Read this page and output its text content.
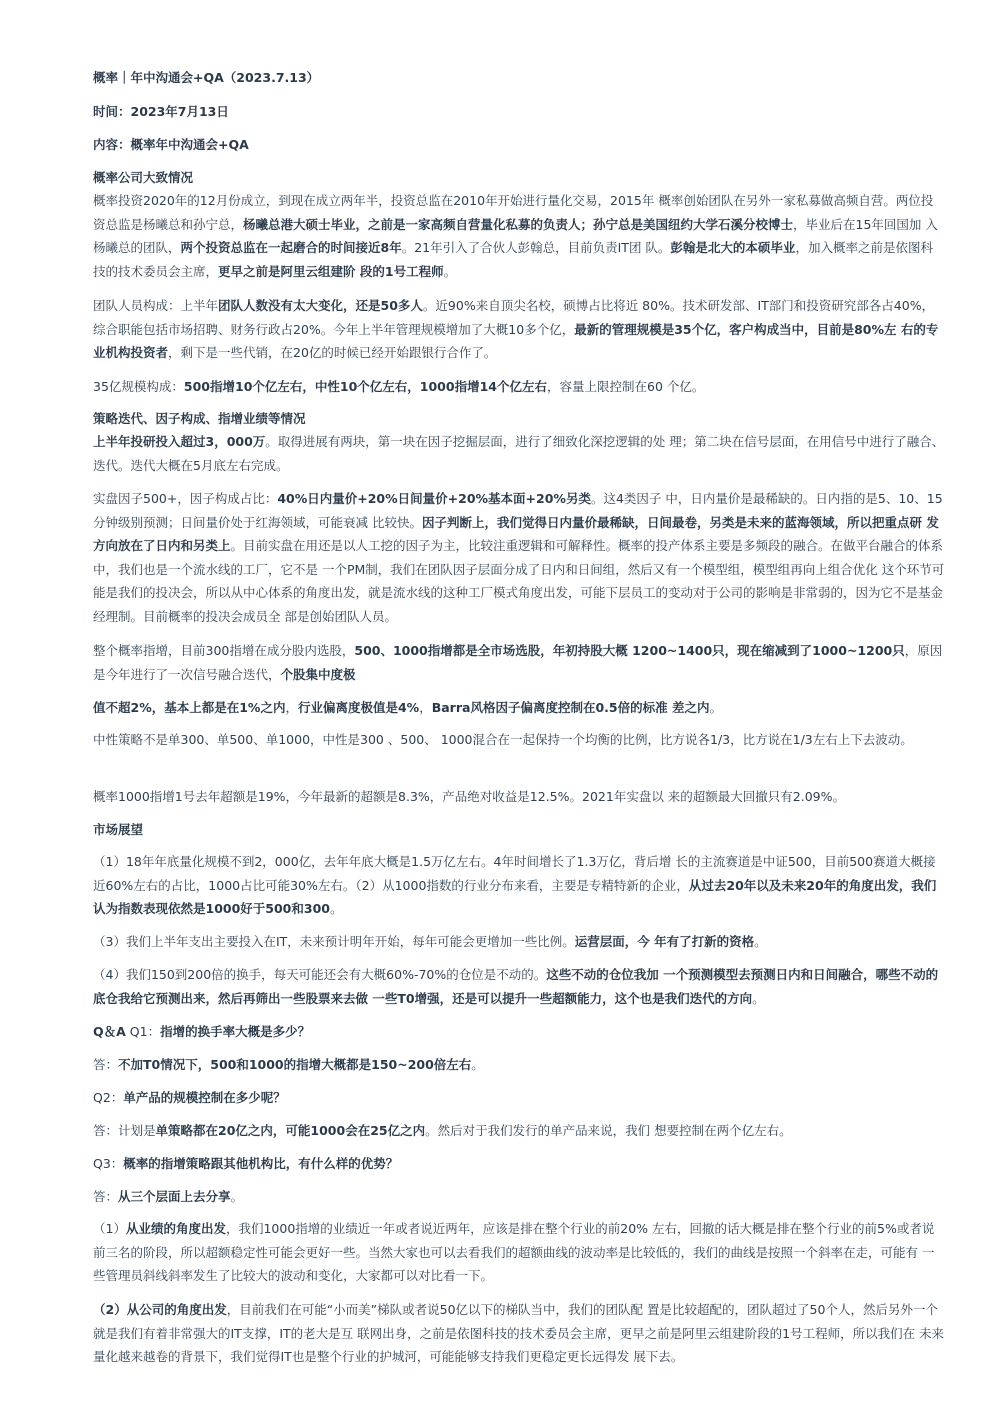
概率｜年中沟通会+QA（2023.7.13）

时间：2023年7月13日

内容：概率年中沟通会+QA

概率公司大致情况

概率投资2020年的12月份成立，到现在成立两年半，投资总监在2010年开始进行量化交易，2015年 概率创始团队在另外一家私募做高频自营。两位投资总监是杨曦总和孙宁总，杨曦总港大硕士毕业，之前是一家高频自营量化私募的负责人；孙宁总是美国纽约大学石溪分校博士，毕业后在15年回国加 入杨曦总的团队，两个投资总监在一起磨合的时间接近8年。21年引入了合伙人彭翰总，目前负责IT团 队。彭翰是北大的本硕毕业，加入概率之前是依图科技的技术委员会主席，更早之前是阿里云组建阶 段的1号工程师。

团队人员构成：上半年团队人数没有太大变化，还是50多人。近90%来自顶尖名校，硕博占比将近 80%。技术研发部、IT部门和投资研究部各占40%，综合职能包括市场招聘、财务行政占20%。今年上半年管理规模增加了大概10多个亿，最新的管理规模是35个亿，客户构成当中，目前是80%左 右的专业机构投资者，剩下是一些代销，在20亿的时候已经开始跟银行合作了。

35亿规模构成：500指增10个亿左右，中性10个亿左右，1000指增14个亿左右，容量上限控制在60 个亿。

策略迭代、因子构成、指增业绩等情况

上半年投研投入超过3，000万。取得进展有两块，第一块在因子挖掘层面，进行了细致化深挖逻辑的处 理；第二块在信号层面，在用信号中进行了融合、迭代。迭代大概在5月底左右完成。

实盘因子500+，因子构成占比：40%日内量价+20%日间量价+20%基本面+20%另类。这4类因子 中，日内量价是最稀缺的。日内指的是5、10、15分钟级别预测；日间量价处于红海领域，可能衰减 比较快。因子判断上，我们觉得日内量价最稀缺，日间最卷，另类是未来的蓝海领域，所以把重点研 发方向放在了日内和另类上。目前实盘在用还是以人工挖的因子为主，比较注重逻辑和可解释性。概率的投产体系主要是多频段的融合。在做平台融合的体系中，我们也是一个流水线的工厂，它不是 一个PM制，我们在团队因子层面分成了日内和日间组，然后又有一个模型组，模型组再向上组合优化 这个环节可能是我们的投决会，所以从中心体系的角度出发，就是流水线的这种工厂模式角度出发，可能下层员工的变动对于公司的影响是非常弱的，因为它不是基金经理制。目前概率的投决会成员全 部是创始团队人员。

整个概率指增，目前300指增在成分股内选股，500、1000指增都是全市场选股，年初持股大概 1200~1400只，现在缩减到了1000~1200只，原因是今年进行了一次信号融合迭代，个股集中度极

值不超2%，基本上都是在1%之内，行业偏离度极值是4%，Barra风格因子偏离度控制在0.5倍的标准 差之内。

中性策略不是单300、单500、单1000，中性是300 、500、 1000混合在一起保持一个均衡的比例，比方说各1/3，比方说在1/3左右上下去波动。

概率1000指增1号去年超额是19%，今年最新的超额是8.3%，产品绝对收益是12.5%。2021年实盘以 来的超额最大回撤只有2.09%。

市场展望

（1）18年年底量化规模不到2，000亿，去年年底大概是1.5万亿左右。4年时间增长了1.3万亿，背后增 长的主流赛道是中证500，目前500赛道大概接近60%左右的占比，1000占比可能30%左右。（2）从1000指数的行业分布来看，主要是专精特新的企业，从过去20年以及未来20年的角度出发，我们认为指数表现依然是1000好于500和300。

（3）我们上半年支出主要投入在IT，未来预计明年开始，每年可能会更增加一些比例。运营层面，今 年有了打新的资格。

（4）我们150到200倍的换手，每天可能还会有大概60%-70%的仓位是不动的。这些不动的仓位我加 一个预测模型去预测日内和日间融合，哪些不动的底仓我给它预测出来，然后再筛出一些股票来去做 一些T0增强，还是可以提升一些超额能力，这个也是我们迭代的方向。

Q＆A Q1：指增的换手率大概是多少？

答：不加T0情况下，500和1000的指增大概都是150~200倍左右。

Q2：单产品的规模控制在多少呢？

答：计划是单策略都在20亿之内，可能1000会在25亿之内。然后对于我们发行的单产品来说，我们 想要控制在两个亿左右。

Q3：概率的指增策略跟其他机构比，有什么样的优势？

答：从三个层面上去分享。

（1）从业绩的角度出发，我们1000指增的业绩近一年或者说近两年，应该是排在整个行业的前20% 左右，回撤的话大概是排在整个行业的前5%或者说前三名的阶段，所以超额稳定性可能会更好一些。当然大家也可以去看我们的超额曲线的波动率是比较低的，我们的曲线是按照一个斜率在走，可能有 一些管理员斜线斜率发生了比较大的波动和变化，大家都可以对比看一下。

（2）从公司的角度出发，目前我们在可能“小而美”梯队或者说50亿以下的梯队当中，我们的团队配 置是比较超配的，团队超过了50个人，然后另外一个就是我们有着非常强大的IT支撑，IT的老大是互 联网出身，之前是依图科技的技术委员会主席，更早之前是阿里云组建阶段的1号工程师，所以我们在 未来量化越来越卷的背景下，我们觉得IT也是整个行业的护城河，可能能够支持我们更稳定更长远得发 展下去。
